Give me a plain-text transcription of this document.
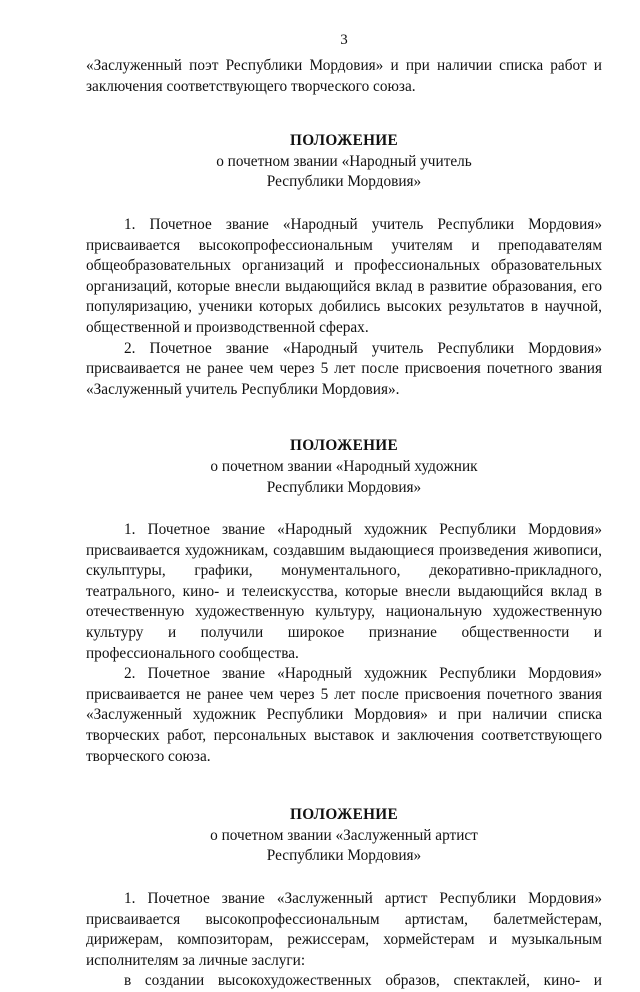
3

«Заслуженный поэт Республики Мордовия» и при наличии списка работ и заключения соответствующего творческого союза.

ПОЛОЖЕНИЕ
о почетном звании «Народный учитель
Республики Мордовия»

1. Почетное звание «Народный учитель Республики Мордовия» присваивается высокопрофессиональным учителям и преподавателям общеобразовательных организаций и профессиональных образовательных организаций, которые внесли выдающийся вклад в развитие образования, его популяризацию, ученики которых добились высоких результатов в научной, общественной и производственной сферах.

2. Почетное звание «Народный учитель Республики Мордовия» присваивается не ранее чем через 5 лет после присвоения почетного звания «Заслуженный учитель Республики Мордовия».

ПОЛОЖЕНИЕ
о почетном звании «Народный художник
Республики Мордовия»

1. Почетное звание «Народный художник Республики Мордовия» присваивается художникам, создавшим выдающиеся произведения живописи, скульптуры, графики, монументального, декоративно-прикладного, театрального, кино- и телеискусства, которые внесли выдающийся вклад в отечественную художественную культуру, национальную художественную культуру и получили широкое признание общественности и профессионального сообщества.

2. Почетное звание «Народный художник Республики Мордовия» присваивается не ранее чем через 5 лет после присвоения почетного звания «Заслуженный художник Республики Мордовия» и при наличии списка творческих работ, персональных выставок и заключения соответствующего творческого союза.

ПОЛОЖЕНИЕ
о почетном звании «Заслуженный артист
Республики Мордовия»

1. Почетное звание «Заслуженный артист Республики Мордовия» присваивается высокопрофессиональным артистам, балетмейстерам, дирижерам, композиторам, режиссерам, хормейстерам и музыкальным исполнителям за личные заслуги:

в создании высокохудожественных образов, спектаклей, кино- и
